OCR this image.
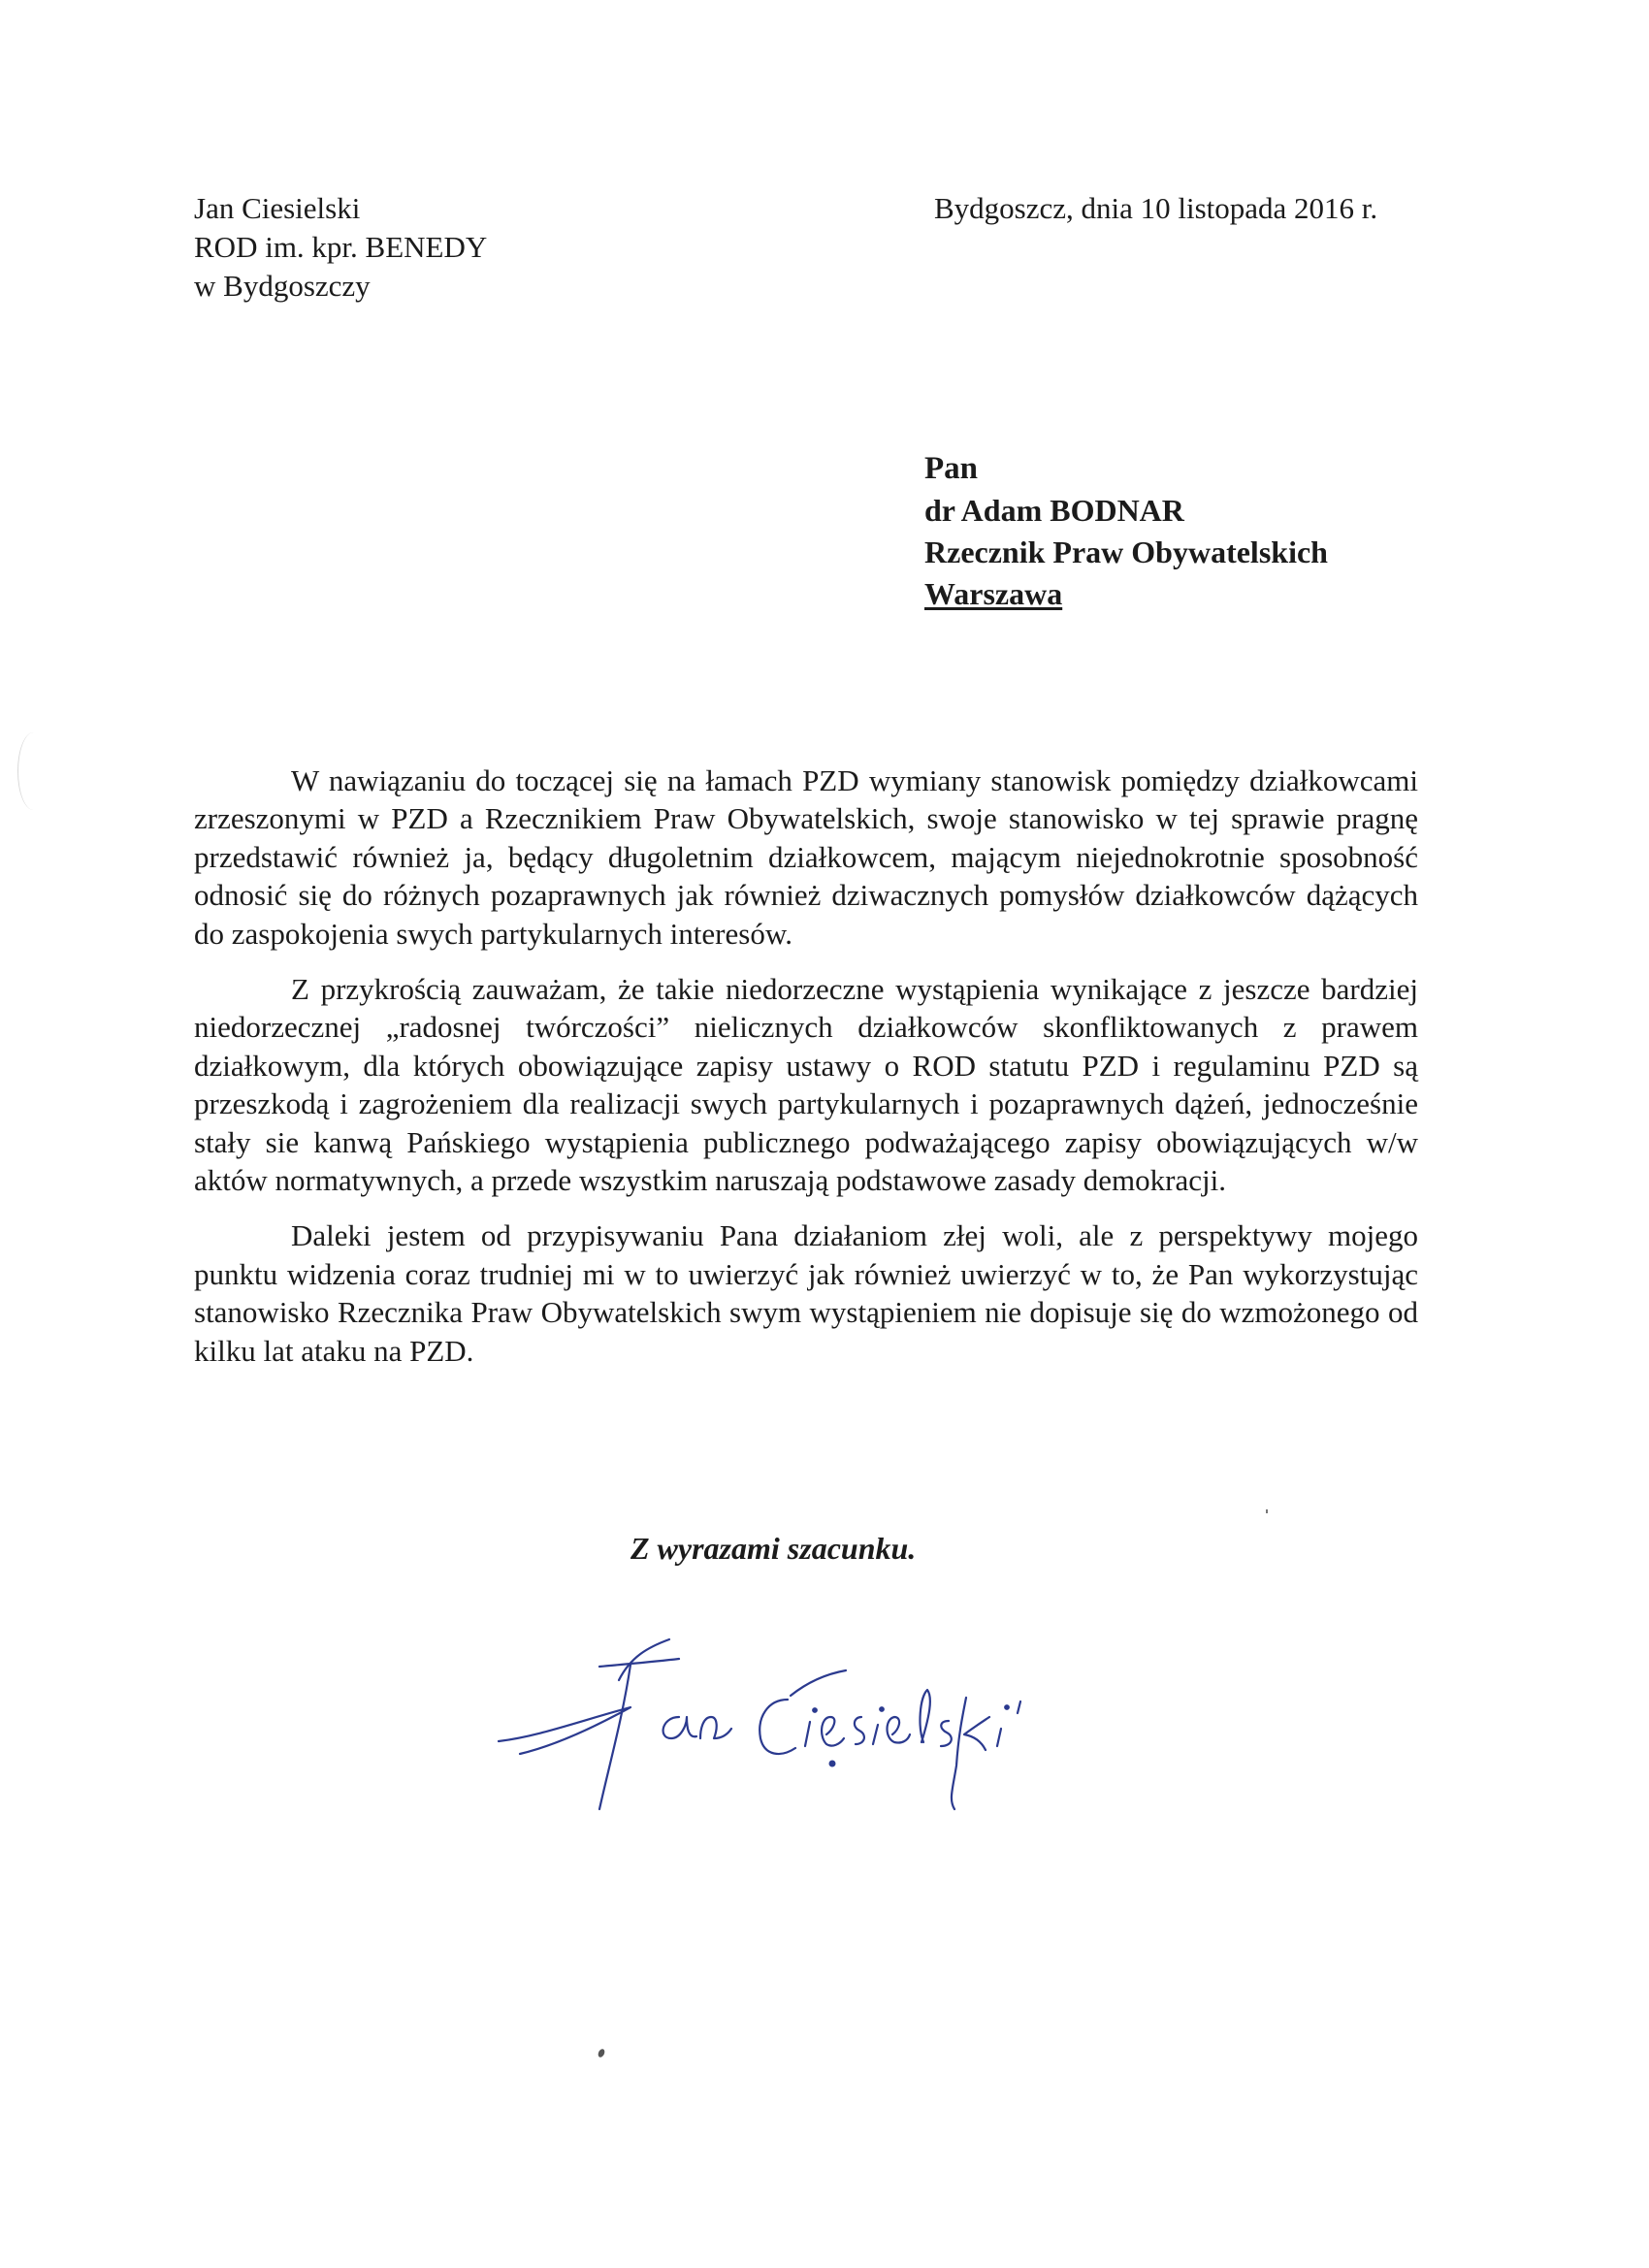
Jan Ciesielski
ROD im. kpr. BENEDY
w Bydgoszczy
Bydgoszcz, dnia 10 listopada 2016 r.
Pan
dr Adam BODNAR
Rzecznik Praw Obywatelskich
Warszawa

W nawiązaniu do toczącej się na łamach PZD wymiany stanowisk pomiędzy działkowcami zrzeszonymi w PZD a Rzecznikiem Praw Obywatelskich, swoje stanowisko w tej sprawie pragnę przedstawić również ja, będący długoletnim działkowcem, mającym niejednokrotnie sposobność odnosić się do różnych pozaprawnych jak również dziwacznych pomysłów działkowców dążących do zaspokojenia swych partykularnych interesów.

Z przykrością zauważam, że takie niedorzeczne wystąpienia wynikające z jeszcze bardziej niedorzecznej „radosnej twórczości” nielicznych działkowców skonfliktowanych z prawem działkowym, dla których obowiązujące zapisy ustawy o ROD statutu PZD i regulaminu PZD są przeszkodą i zagrożeniem dla realizacji swych partykularnych i pozaprawnych dążeń, jednocześnie stały sie kanwą Pańskiego wystąpienia publicznego podważającego zapisy obowiązujących w/w aktów normatywnych, a przede wszystkim naruszają podstawowe zasady demokracji.

Daleki jestem od przypisywaniu Pana działaniom złej woli, ale z perspektywy mojego punktu widzenia coraz trudniej mi w to uwierzyć jak również uwierzyć w to, że Pan wykorzystując stanowisko Rzecznika Praw Obywatelskich swym wystąpieniem nie dopisuje się do wzmożonego od kilku lat ataku na PZD.

Z wyrazami szacunku.
